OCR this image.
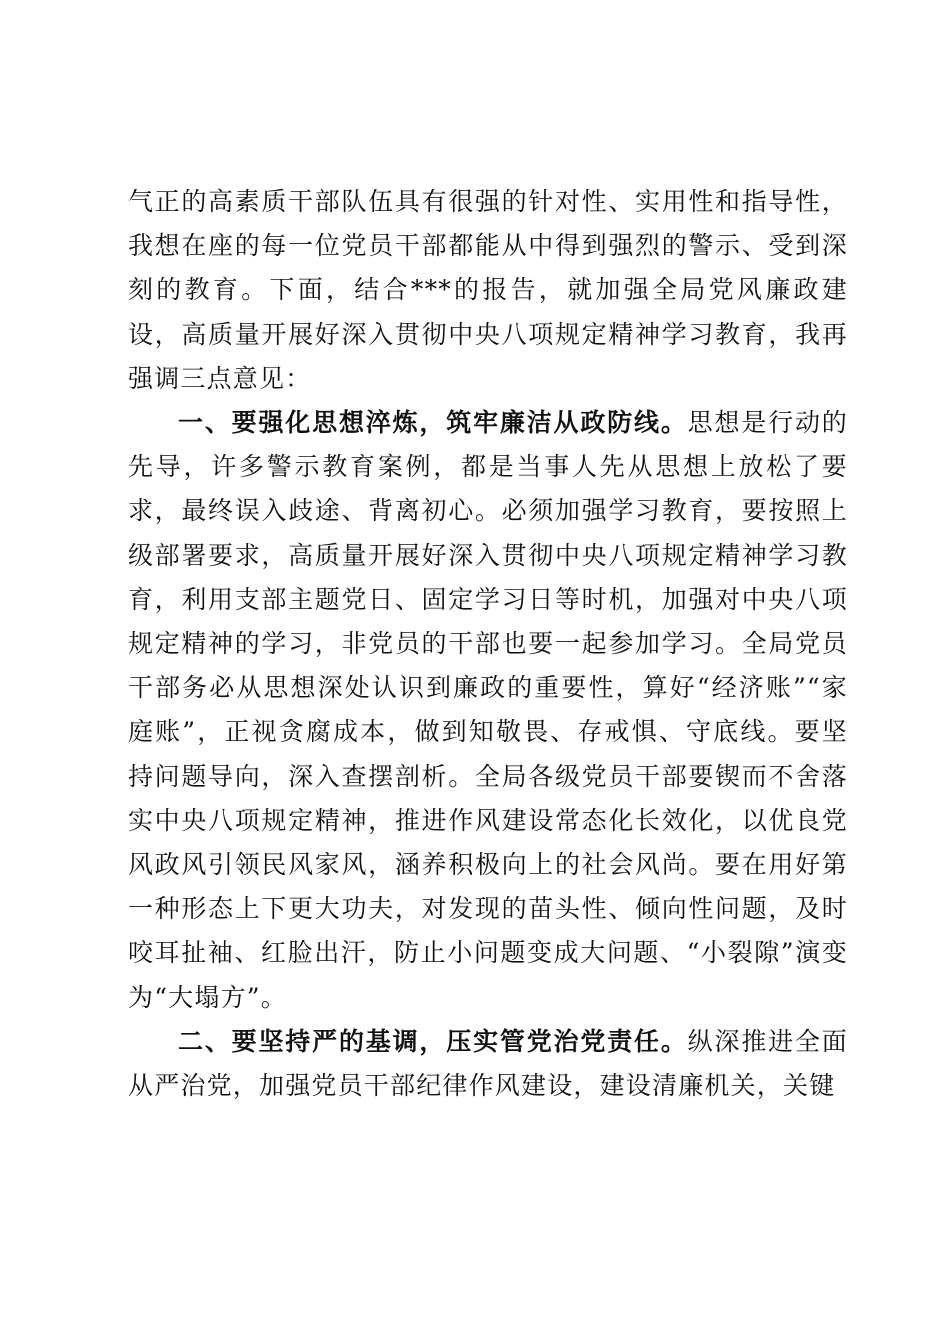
气正的高素质干部队伍具有很强的针对性、实用性和指导性，我想在座的每一位党员干部都能从中得到强烈的警示、受到深刻的教育。下面，结合***的报告，就加强全局党风廉政建设，高质量开展好深入贯彻中央八项规定精神学习教育，我再强调三点意见：

一、要强化思想淬炼，筑牢廉洁从政防线。思想是行动的先导，许多警示教育案例，都是当事人先从思想上放松了要求，最终误入歧途、背离初心。必须加强学习教育，要按照上级部署要求，高质量开展好深入贯彻中央八项规定精神学习教育，利用支部主题党日、固定学习日等时机，加强对中央八项规定精神的学习，非党员的干部也要一起参加学习。全局党员干部务必从思想深处认识到廉政的重要性，算好“经济账”“家庭账”，正视贪腐成本，做到知敬畏、存戒惧、守底线。要坚持问题导向，深入查摆剖析。全局各级党员干部要锲而不舍落实中央八项规定精神，推进作风建设常态化长效化，以优良党风政风引领民风家风，涵养积极向上的社会风尚。要在用好第一种形态上下更大功夫，对发现的苗头性、倾向性问题，及时咬耳扯袖、红脸出汗，防止小问题变成大问题、“小裂隙”演变为“大塌方”。

二、要坚持严的基调，压实管党治党责任。纵深推进全面从严治党，加强党员干部纪律作风建设，建设清廉机关，关键
